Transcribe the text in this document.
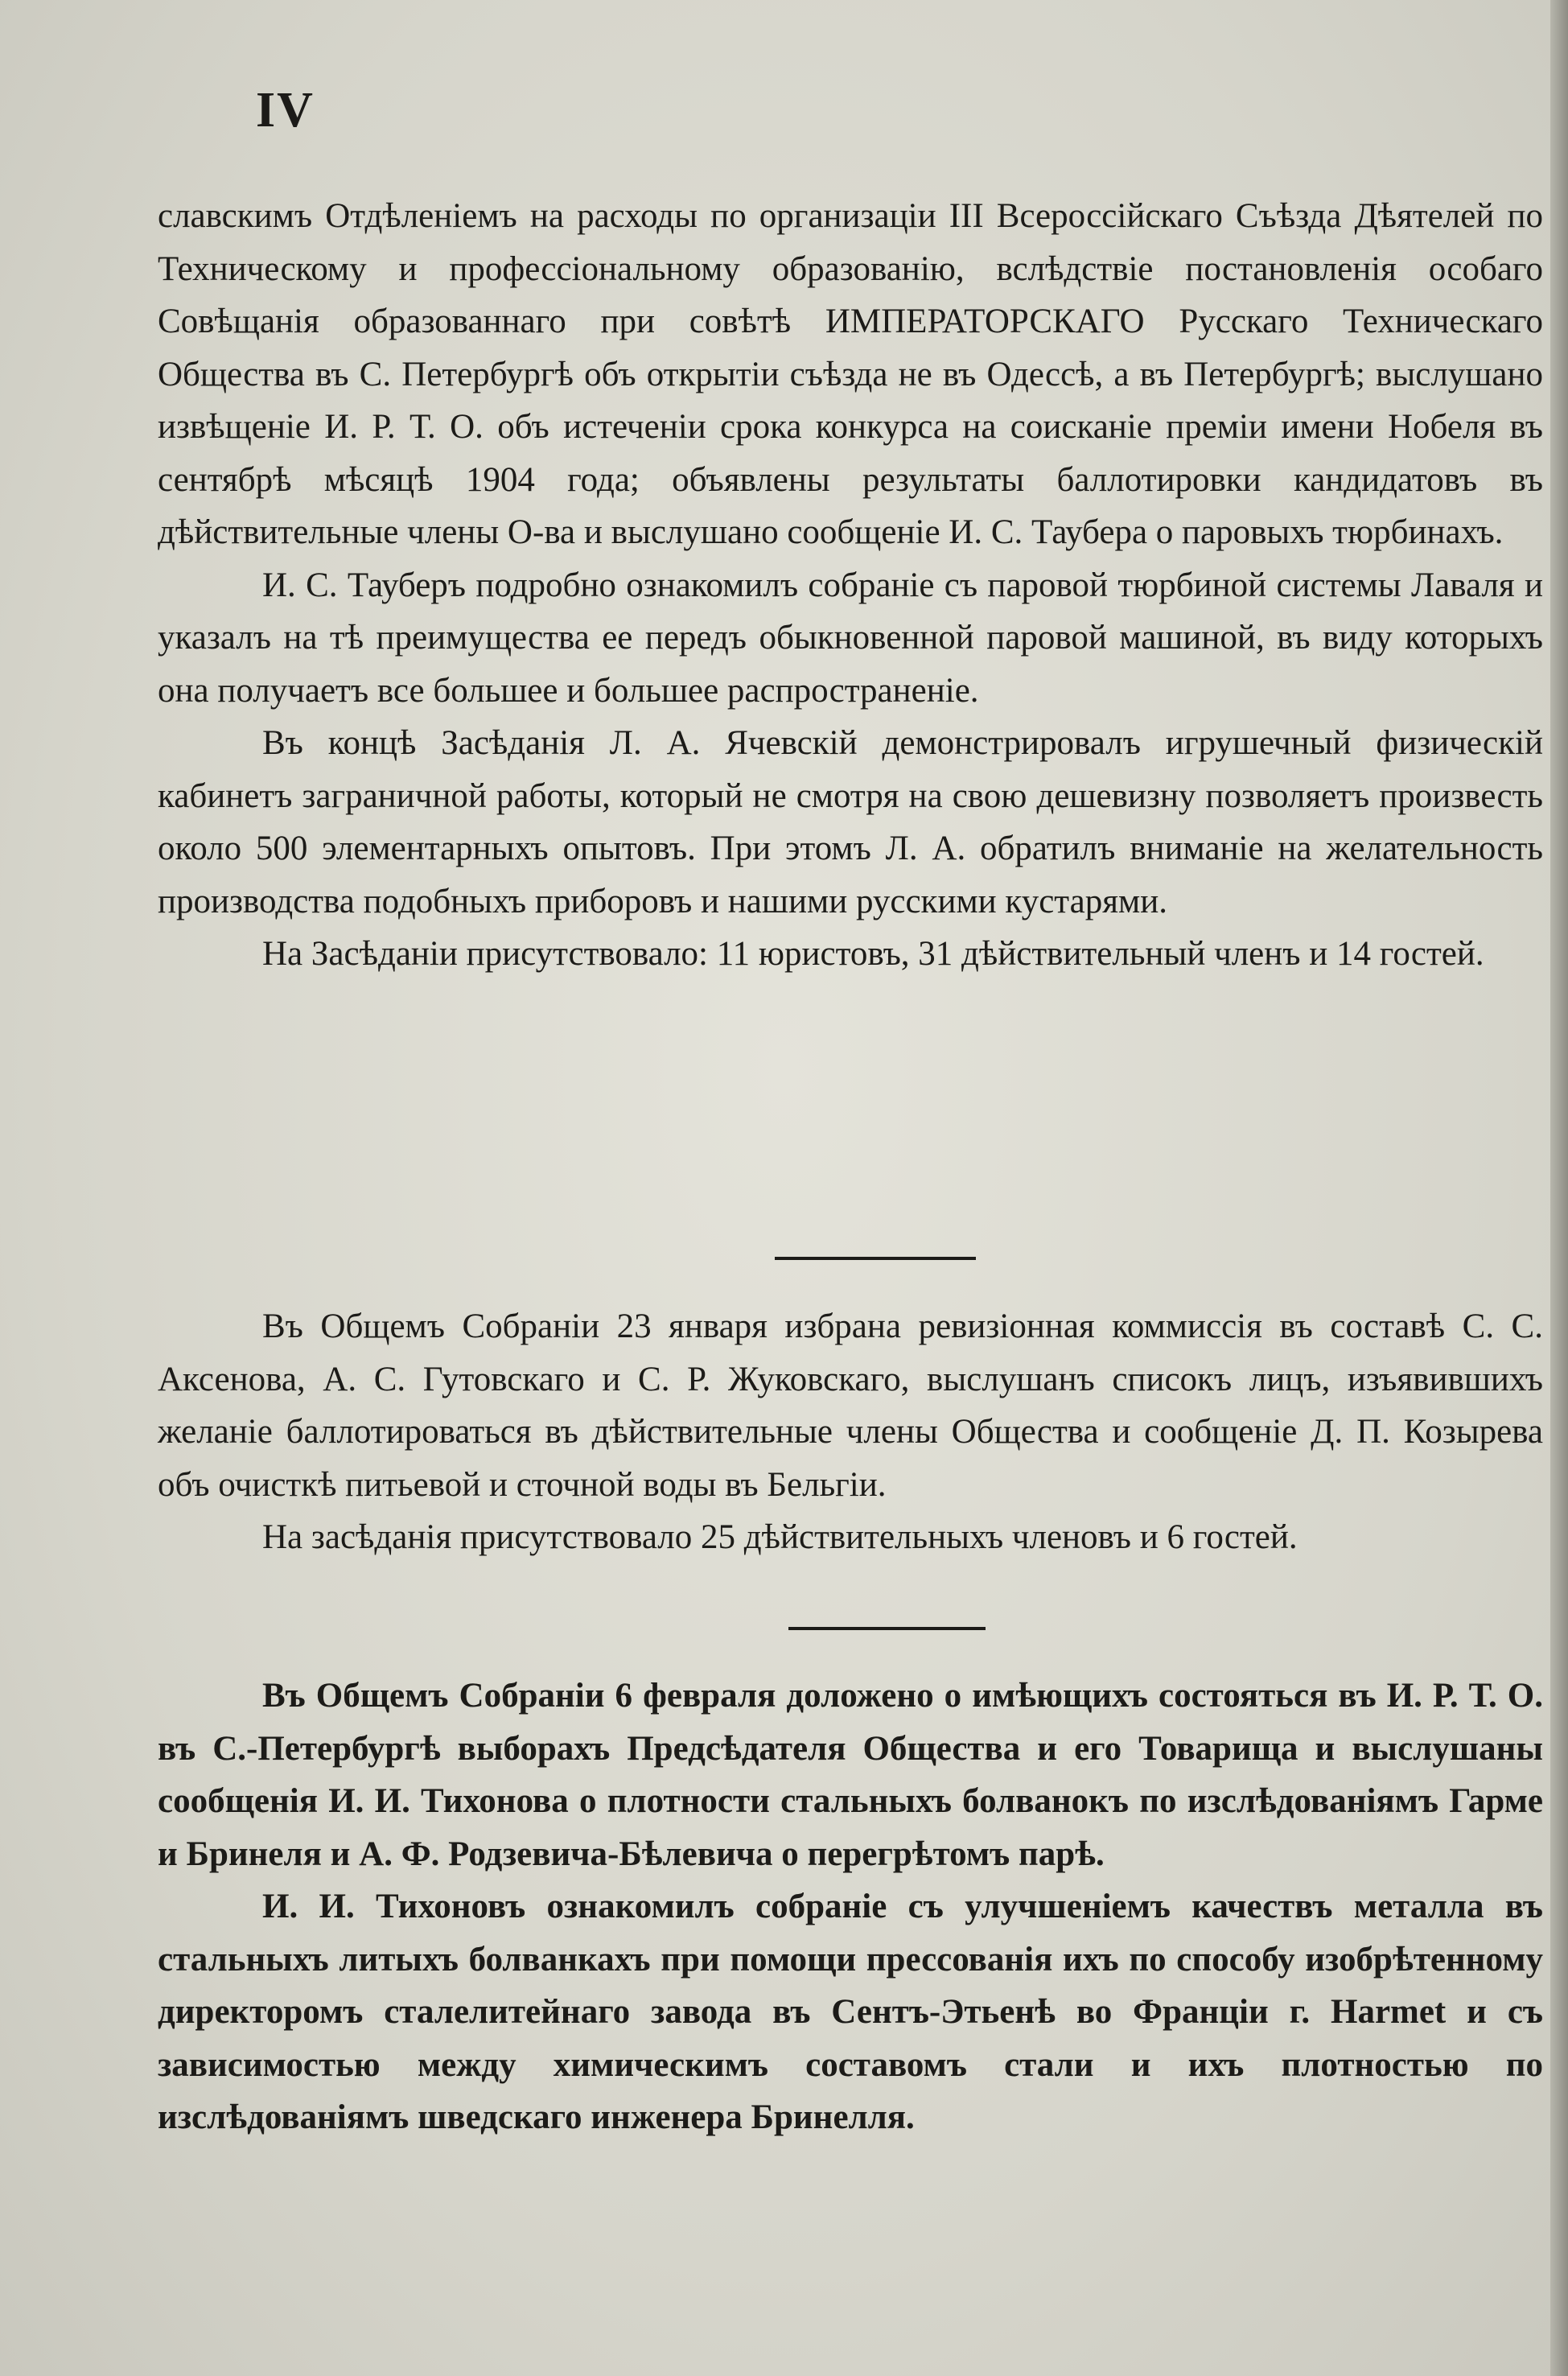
IV

славскимъ Отдѣленіемъ на расходы по организаціи III Всероссійскаго Съѣзда Дѣятелей по Техническому и профессіональному образованію, вслѣдствіе постановленія особаго Совѣщанія образованнаго при совѣтѣ ИМПЕРАТОРСКАГО Русскаго Техническаго Общества въ С. Петербургѣ объ открытіи съѣзда не въ Одессѣ, а въ Петербургѣ; выслушано извѣщеніе И. Р. Т. О. объ истеченіи срока конкурса на соисканіе преміи имени Нобеля въ сентябрѣ мѣсяцѣ 1904 года; объявлены результаты баллотировки кандидатовъ въ дѣйствительные члены О-ва и выслушано сообщеніе И. С. Таубера о паровыхъ тюрбинахъ.

И. С. Тауберъ подробно ознакомилъ собраніе съ паровой тюрбиной системы Лаваля и указалъ на тѣ преимущества ее передъ обыкновенной паровой машиной, въ виду которыхъ она получаетъ все большее и большее распространеніе.

Въ концѣ Засѣданія Л. А. Ячевскій демонстрировалъ игрушечный физическій кабинетъ заграничной работы, который не смотря на свою дешевизну позволяетъ произвесть около 500 элементарныхъ опытовъ. При этомъ Л. А. обратилъ вниманіе на желательность производства подобныхъ приборовъ и нашими русскими кустарями.

На Засѣданіи присутствовало: 11 юристовъ, 31 дѣйствительный членъ и 14 гостей.

Въ Общемъ Собраніи 23 января избрана ревизіонная коммиссія въ составѣ С. С. Аксенова, А. С. Гутовскаго и С. Р. Жуковскаго, выслушанъ списокъ лицъ, изъявившихъ желаніе баллотироваться въ дѣйствительные члены Общества и сообщеніе Д. П. Козырева объ очисткѣ питьевой и сточной воды въ Бельгіи.

На засѣданія присутствовало 25 дѣйствительныхъ членовъ и 6 гостей.

Въ Общемъ Собраніи 6 февраля доложено о имѣющихъ состояться въ И. Р. Т. О. въ С.-Петербургѣ выборахъ Предсѣдателя Общества и его Товарища и выслушаны сообщенія И. И. Тихонова о плотности стальныхъ болванокъ по изслѣдованіямъ Гарме и Бринеля и А. Ф. Родзевича-Бѣлевича о перегрѣтомъ парѣ.

И. И. Тихоновъ ознакомилъ собраніе съ улучшеніемъ качествъ металла въ стальныхъ литыхъ болванкахъ при помощи прессованія ихъ по способу изобрѣтенному директоромъ сталелитейнаго завода въ Сентъ-Этьенѣ во Франціи г. Harmet и съ зависимостью между химическимъ составомъ стали и ихъ плотностью по изслѣдованіямъ шведскаго инженера Бринелля.
